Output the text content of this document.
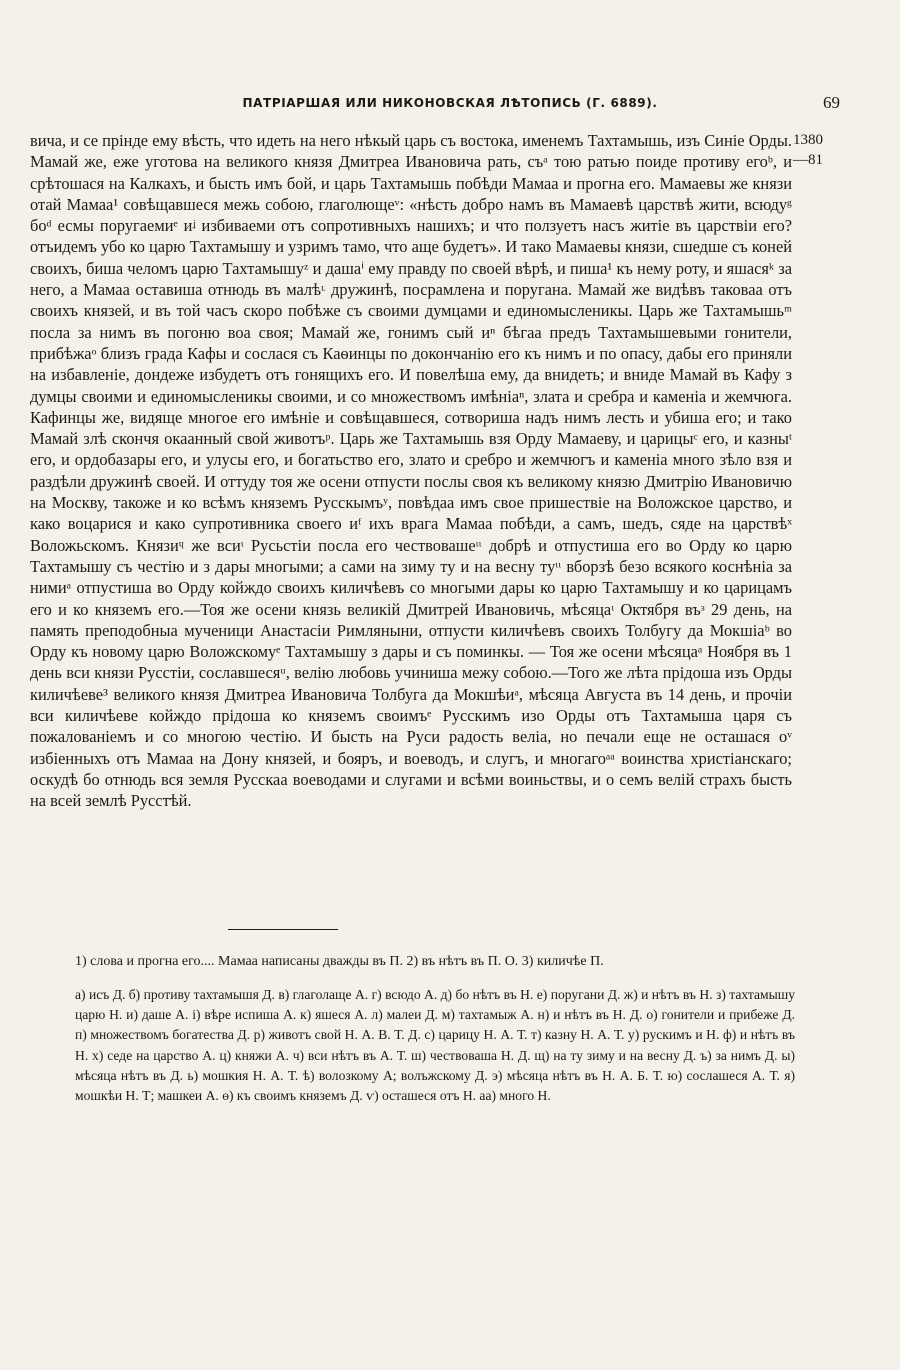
ПАТРІАРШАЯ ИЛИ НИКОНОВСКАЯ ЛѢТОПИСЬ (Г. 6889).	69
1380
—81

вича, и се прінде ему вѣсть, что идеть на него нѣкый царь съ востока, именемъ Тахтамышь, изъ Синіе Орды. Мамай же, еже уготова на великого князя Дмитреа Ивановича рать, съᵃ тою ратью поиде противу егоᵇ, и срѣтошася на Калкахъ, и бысть имъ бой, и царь Тахтамышь побѣди Мамаа и прогна его. Мамаевы же князи отай Мамаа¹ совѣщавшеся межь собою, глаголющеᵛ: «нѣсть добро намъ въ Мамаевѣ царствѣ жити, всюдуᵍ боᵈ есмы поругаемиᵉ иᶨ избиваеми отъ сопротивныхъ нашихъ; и что ползуетъ насъ житіе въ царствіи его? отъидемъ убо ко царю Тахтамышу и узримъ тамо, что аще будетъ». И тако Мамаевы князи, сшедше съ коней своихъ, биша челомъ царю Тахтамышуᶻ и дашаⁱ ему правду по своей вѣрѣ, и пиша¹ къ нему роту, и яшасяᵏ за него, а Мамаа оставиша отнюдь въ малѣᶫ дружинѣ, посрамлена и поругана. Мамай же видѣвъ таковаа отъ своихъ князей, и въ той часъ скоро побѣже съ своими думцами и единомысленикы. Царь же Тахтамышьᵐ посла за нимъ въ погоню воа своя; Мамай же, гонимъ сый иⁿ бѣгаа предъ Тахтамышевыми гонители, прибѣжаᵒ близъ града Кафы и сослася съ Каѳинцы по докончанію его къ нимъ и по опасу, дабы его приняли на избавленіе, дондеже избудетъ отъ гонящихъ его. И повелѣша ему, да внидеть; и вниде Мамай въ Кафу з думцы своими и единомысленикы своими, и со множествомъ имѣніаⁿ, злата и сребра и каменіа и жемчюга. Кафинцы же, видяще многое его имѣніе и совѣщавшеся, сотвориша надъ нимъ лесть и убиша его; и тако Мамай злѣ скончя окаанный свой животъᵖ. Царь же Тахтамышь взя Орду Мамаеву, и царицыᶜ его, и казныᵗ его, и ордобазары его, и улусы его, и богатьство его, злато и сребро и жемчюгъ и каменіа много зѣло взя и раздѣли дружинѣ своей. И оттуду тоя же осени отпусти послы своя къ великому князю Дмитрію Ивановичю на Москву, такоже и ко всѣмъ княземъ Русскымъʸ, повѣдаа имъ свое пришествіе на Воложское царство, и како воцарися и како супротивника своего иᶠ ихъ врага Мамаа побѣди, а самъ, шедъ, сяде на царствѣˣ Воложьскомъ. Князиᶣ же всиᶥ Русьстіи посла его чествовашеᶥᶥ добрѣ и отпустиша его во Орду ко царю Тахтамышу съ честію и з дары многыми; а сами на зиму ту и на весну туᶥᶥ вборзѣ безо всякого коснѣніа за нимиᵃ отпустиша во Орду койждо своихъ киличѣевъ со многыми дары ко царю Тахтамышу и ко царицамъ его и ко княземъ его.—Тоя же осени князь великій Дмитрей Ивановичь, мѣсяцаᶥ Октября въᶟ 29 день, на память преподобныа мученици Анастасіи Римляныни, отпусти киличѣевъ своихъ Толбугу да Мокшіаᵇ во Орду къ новому царю Воложскомуᵉ Тахтамышу з дары и съ поминкы. — Тоя же осени мѣсяцаᵃ Ноября въ 1 день вси князи Русстіи, сославшесяᵘ, велію любовь учиниша межу собою.—Того же лѣта прідоша изъ Орды киличѣеве³ великого князя Дмитреа Ивановича Толбуга да Мокшѣиᵃ, мѣсяца Августа въ 14 день, и прочіи вси киличѣеве койждо прідоша ко княземъ своимъᵉ Русскимъ изо Орды отъ Тахтамыша царя съ пожалованіемъ и со многою честію. И бысть на Руси радость веліа, но печали еще не осташася оᵛ избіенныхъ отъ Мамаа на Дону князей, и бояръ, и воеводъ, и слугъ, и многагоᵃᵃ воинства христіанскаго; оскудѣ бо отнюдь вся земля Русскаа воеводами и слугами и всѣми воиньствы, и о семъ велій страхъ бысть на всей землѣ Русстѣй.

1) слова и прогна его.... Мамаа написаны дважды въ П. 2) въ нѣтъ въ П. О. 3) киличѣе П.

а) исъ Д. б) противу тахтамышя Д. в) глаголаще А. г) всюдо А. д) бо нѣтъ въ Н. е) поругани Д. ж) и нѣтъ въ Н. з) тахтамышу царю Н. и) даше А. і) вѣре испиша А. к) яшеся А. л) малеи Д. м) тахтамыж А. н) и нѣтъ въ Н. Д. о) гонители и прибеже Д. п) множествомъ богатества Д. р) животъ свой Н. А. В. Т. Д. с) царицу Н. А. Т. т) казну Н. А. Т. у) рускимъ и Н. ф) и нѣтъ въ Н. х) седе на царство А. ц) княжи А. ч) вси нѣтъ въ А. Т. ш) чествоваша Н. Д. щ) на ту зиму и на весну Д. ъ) за нимъ Д. ы) мѣсяца нѣтъ въ Д. ь) мошкия Н. А. Т. ѣ) волозкому А; волъжскому Д. э) мѣсяца нѣтъ въ Н. А. Б. Т. ю) сослашеся А. Т. я) мошкѣи Н. Т; машкеи А. ѳ) къ своимъ княземъ Д. ѵ) осташеся отъ Н. аа) много Н.
